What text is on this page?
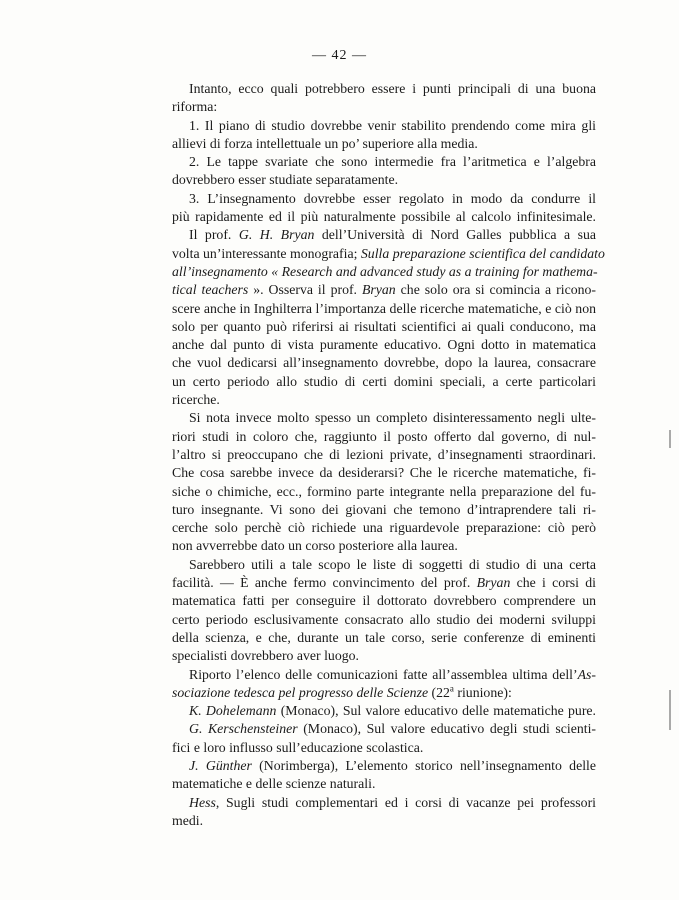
— 42 —
Intanto, ecco quali potrebbero essere i punti principali di una buona
riforma:
1. Il piano di studio dovrebbe venir stabilito prendendo come mira gli
allievi di forza intellettuale un po’ superiore alla media.
2. Le tappe svariate che sono intermedie fra l’aritmetica e l’algebra
dovrebbero esser studiate separatamente.
3. L’insegnamento dovrebbe esser regolato in modo da condurre il
più rapidamente ed il più naturalmente possibile al calcolo infinitesimale.
Il prof. G. H. Bryan dell’Università di Nord Galles pubblica a sua
volta un’interessante monografia; Sulla preparazione scientifica del candidato
all’insegnamento « Research and advanced study as a training for mathema-
tical teachers ». Osserva il prof. Bryan che solo ora si comincia a ricono-
scere anche in Inghilterra l’importanza delle ricerche matematiche, e ciò non
solo per quanto può riferirsi ai risultati scientifici ai quali conducono, ma
anche dal punto di vista puramente educativo. Ogni dotto in matematica
che vuol dedicarsi all’insegnamento dovrebbe, dopo la laurea, consacrare
un certo periodo allo studio di certi domini speciali, a certe particolari
ricerche.
Si nota invece molto spesso un completo disinteressamento negli ulte-
riori studi in coloro che, raggiunto il posto offerto dal governo, di nul-
l’altro si preoccupano che di lezioni private, d’insegnamenti straordinari.
Che cosa sarebbe invece da desiderarsi? Che le ricerche matematiche, fi-
siche o chimiche, ecc., formino parte integrante nella preparazione del fu-
turo insegnante. Vi sono dei giovani che temono d’intraprendere tali ri-
cerche solo perchè ciò richiede una riguardevole preparazione: ciò però
non avverrebbe dato un corso posteriore alla laurea.
Sarebbero utili a tale scopo le liste di soggetti di studio di una certa
facilità. — È anche fermo convincimento del prof. Bryan che i corsi di
matematica fatti per conseguire il dottorato dovrebbero comprendere un
certo periodo esclusivamente consacrato allo studio dei moderni sviluppi
della scienza, e che, durante un tale corso, serie conferenze di eminenti
specialisti dovrebbero aver luogo.
Riporto l’elenco delle comunicazioni fatte all’assemblea ultima dell’As-
sociazione tedesca pel progresso delle Scienze (22$^a$ riunione):
K. Dohelemann (Monaco), Sul valore educativo delle matematiche pure.
G. Kerschensteiner (Monaco), Sul valore educativo degli studi scienti-
fici e loro influsso sull’educazione scolastica.
J. Günther (Norimberga), L’elemento storico nell’insegnamento delle
matematiche e delle scienze naturali.
Hess, Sugli studi complementari ed i corsi di vacanze pei professori
medi.
